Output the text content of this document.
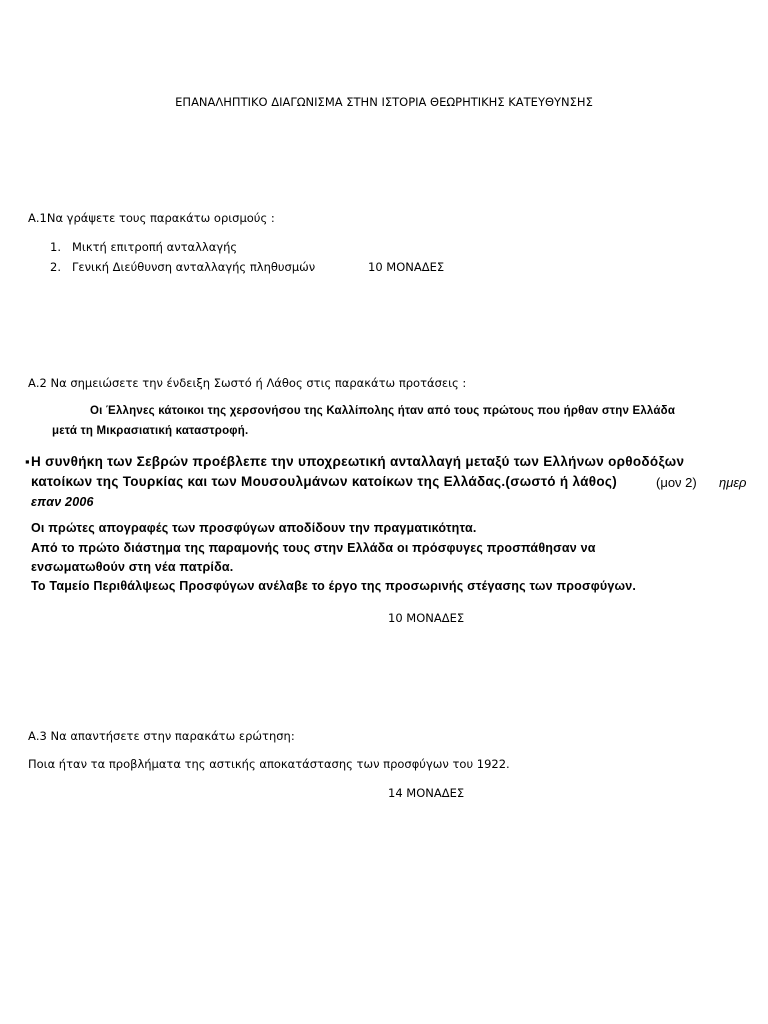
ΕΠΑΝΑΛΗΠΤΙΚΟ ΔΙΑΓΩΝΙΣΜΑ ΣΤΗΝ ΙΣΤΟΡΙΑ ΘΕΩΡΗΤΙΚΗΣ ΚΑΤΕΥΘΥΝΣΗΣ
Α.1Να γράψετε τους παρακάτω ορισμούς :
1. Μικτή επιτροπή ανταλλαγής
2. Γενική Διεύθυνση ανταλλαγής πληθυσμών	10 ΜΟΝΑΔΕΣ
Α.2 Να σημειώσετε την ένδειξη Σωστό ή Λάθος στις παρακάτω προτάσεις :
Οι Έλληνες κάτοικοι της χερσονήσου της Καλλίπολης ήταν από τους πρώτους που ήρθαν στην Ελλάδα
μετά τη Μικρασιατική καταστροφή.
▪ Η συνθήκη των Σεβρών προέβλεπε την υποχρεωτική ανταλλαγή μεταξύ των Ελλήνων ορθοδόξων
κατοίκων της Τουρκίας και των Μουσουλμάνων κατοίκων της Ελλάδας.(σωστό ή λάθος)	(μον 2) ημερ
επαν 2006
Οι πρώτες απογραφές των προσφύγων αποδίδουν την πραγματικότητα.
Από το πρώτο διάστημα της παραμονής τους στην Ελλάδα οι πρόσφυγες προσπάθησαν να
ενσωματωθούν στη νέα πατρίδα.
Το Ταμείο Περιθάλψεως Προσφύγων ανέλαβε το έργο της προσωρινής στέγασης των προσφύγων.
10 ΜΟΝΑΔΕΣ
Α.3 Να απαντήσετε στην παρακάτω ερώτηση:
Ποια ήταν τα προβλήματα της αστικής αποκατάστασης των προσφύγων του 1922.
14 ΜΟΝΑΔΕΣ
